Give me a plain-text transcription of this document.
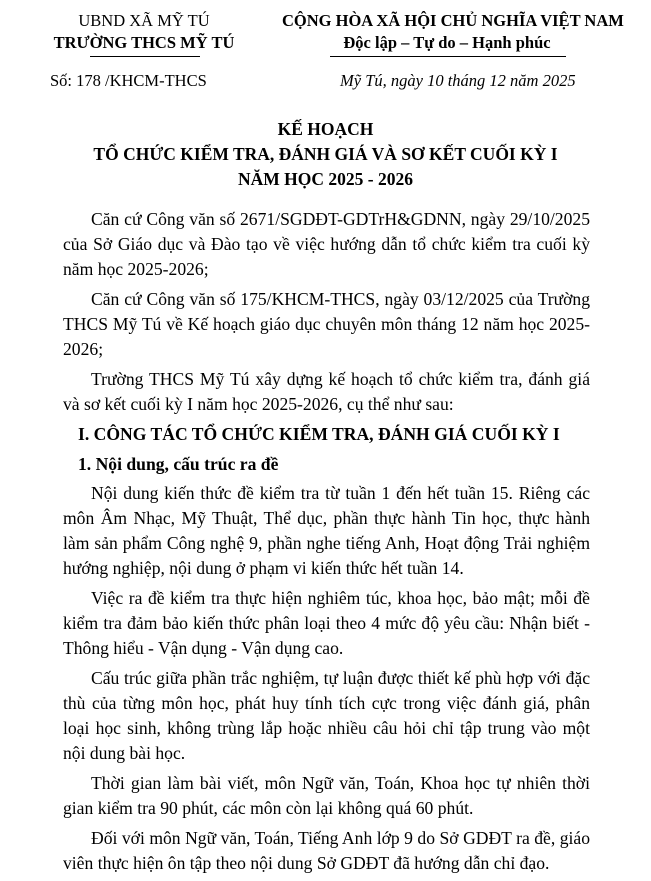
UBND XÃ MỸ TÚ
TRƯỜNG THCS MỸ TÚ
CỘNG HÒA XÃ HỘI CHỦ NGHĨA VIỆT NAM
Độc lập – Tự do – Hạnh phúc
Số: 178 /KHCM-THCS	Mỹ Tú, ngày 10 tháng 12 năm 2025
KẾ HOẠCH
TỔ CHỨC KIỂM TRA, ĐÁNH GIÁ VÀ SƠ KẾT CUỐI KỲ I
NĂM HỌC 2025 - 2026

Căn cứ Công văn số 2671/SGDĐT-GDTrH&GDNN, ngày 29/10/2025 của Sở Giáo dục và Đào tạo về việc hướng dẫn tổ chức kiểm tra cuối kỳ năm học 2025-2026;

Căn cứ Công văn số 175/KHCM-THCS, ngày 03/12/2025 của Trường THCS Mỹ Tú về Kế hoạch giáo dục chuyên môn tháng 12 năm học 2025-2026;

Trường THCS Mỹ Tú xây dựng kế hoạch tổ chức kiểm tra, đánh giá và sơ kết cuối kỳ I năm học 2025-2026, cụ thể như sau:

I. CÔNG TÁC TỔ CHỨC KIỂM TRA, ĐÁNH GIÁ CUỐI KỲ I

1. Nội dung, cấu trúc ra đề

Nội dung kiến thức đề kiểm tra từ tuần 1 đến hết tuần 15. Riêng các môn Âm Nhạc, Mỹ Thuật, Thể dục, phần thực hành Tin học, thực hành làm sản phẩm Công nghệ 9, phần nghe tiếng Anh, Hoạt động Trải nghiệm hướng nghiệp, nội dung ở phạm vi kiến thức hết tuần 14.

Việc ra đề kiểm tra thực hiện nghiêm túc, khoa học, bảo mật; mỗi đề kiểm tra đảm bảo kiến thức phân loại theo 4 mức độ yêu cầu: Nhận biết - Thông hiểu - Vận dụng - Vận dụng cao.

Cấu trúc giữa phần trắc nghiệm, tự luận được thiết kế phù hợp với đặc thù của từng môn học, phát huy tính tích cực trong việc đánh giá, phân loại học sinh, không trùng lắp hoặc nhiều câu hỏi chỉ tập trung vào một nội dung bài học.

Thời gian làm bài viết, môn Ngữ văn, Toán, Khoa học tự nhiên thời gian kiểm tra 90 phút, các môn còn lại không quá 60 phút.

Đối với môn Ngữ văn, Toán, Tiếng Anh lớp 9 do Sở GDĐT ra đề, giáo viên thực hiện ôn tập theo nội dung Sở GDĐT đã hướng dẫn chỉ đạo.
